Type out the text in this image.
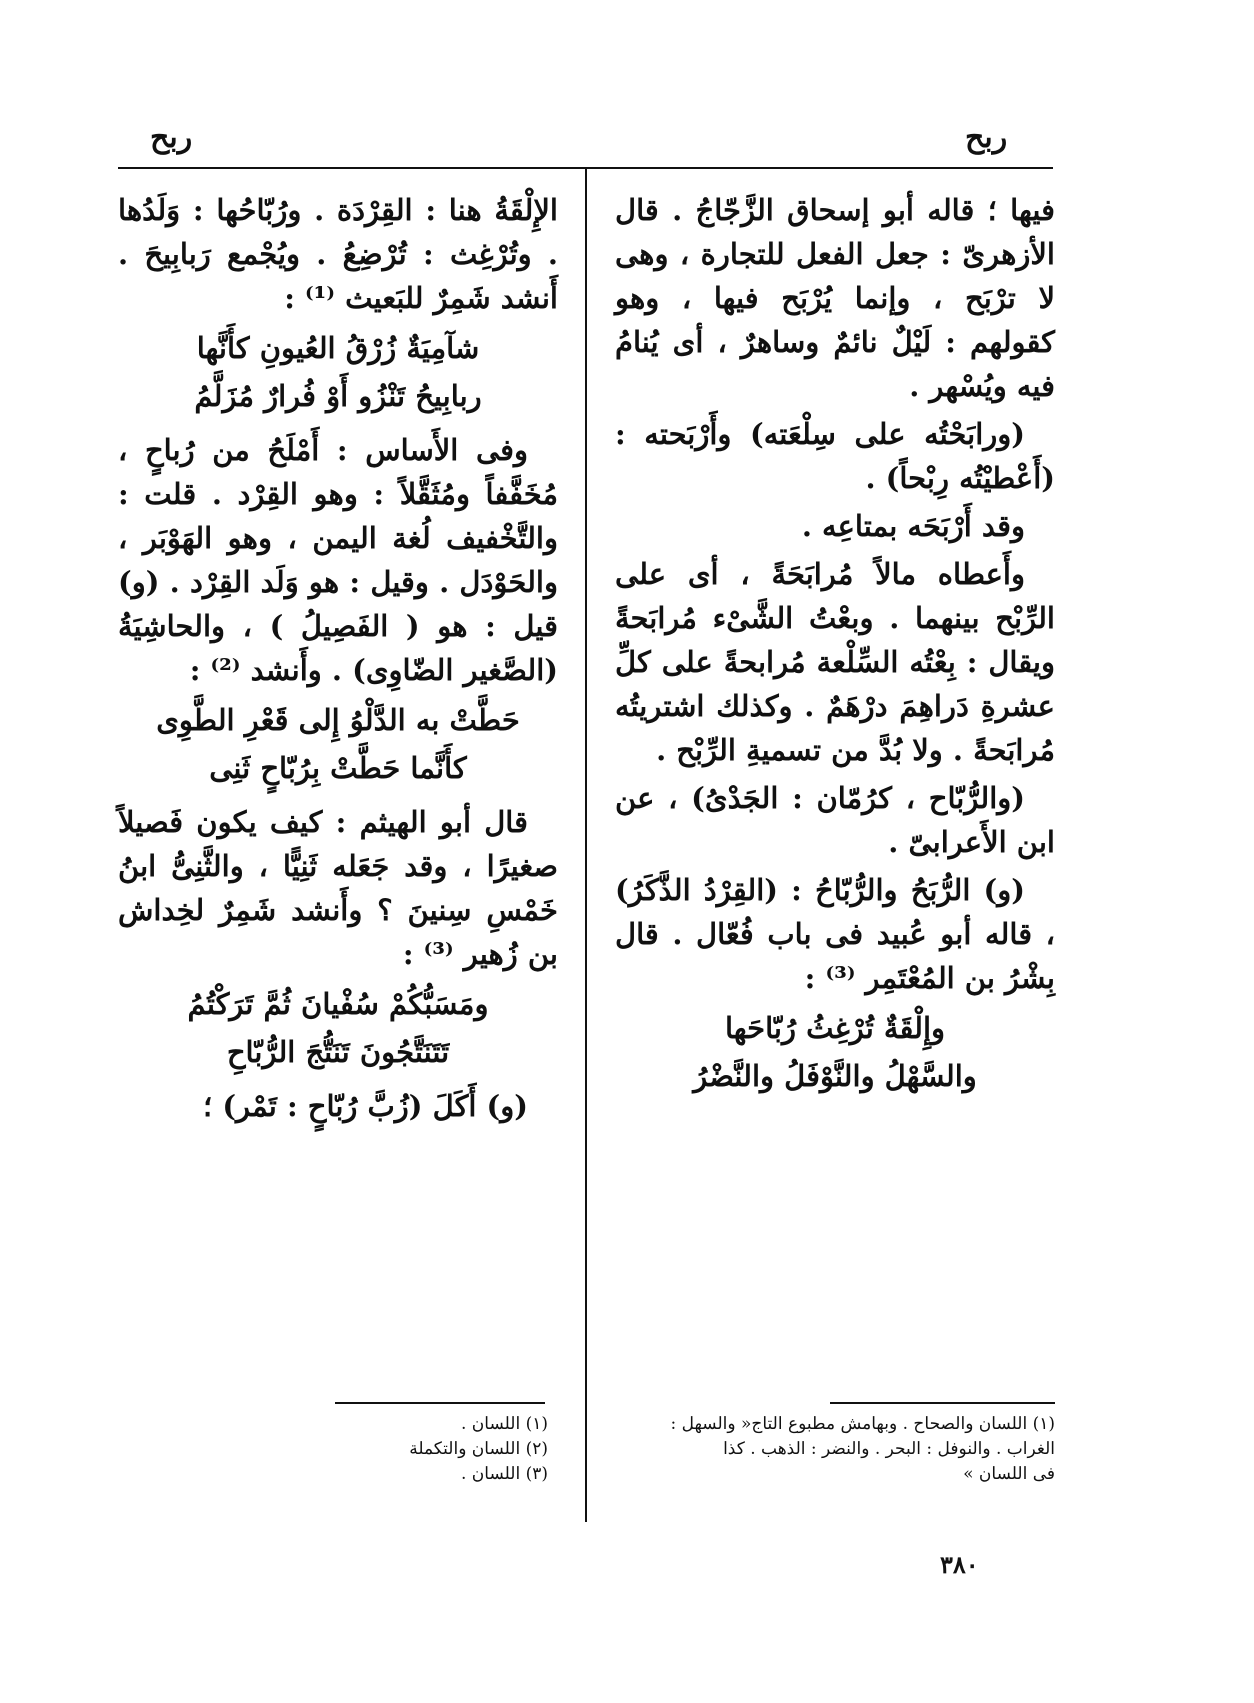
ربح
ربح

فيها ؛ قاله أبو إسحاق الزَّجّاجُ . قال الأزهرىّ : جعل الفعل للتجارة ، وهى لا ترْبَح ، وإنما يُرْبَح فيها ، وهو كقولهم : لَيْلٌ نائمٌ وساهرٌ ، أى يُنامُ فيه ويُسْهر .

(ورابَحْتُه على سِلْعَته) وأَرْبَحته : (أَعْطيْتُه رِبْحاً) .

وقد أَرْبَحَه بمتاعِه .

وأَعطاه مالاً مُرابَحَةً ، أى على الرِّبْح بينهما . وبعْتُ الشَّىْء مُرابَحةً ويقال : بِعْتُه السِّلْعة مُرابحةً على كلِّ عشرةِ دَراهِمَ درْهَمٌ . وكذلك اشتريتُه مُرابَحةً . ولا بُدَّ من تسميةِ الرِّبْح .

(والرُّبّاح ، كرُمّان : الجَدْىُ) ، عن ابن الأَعرابىّ .

(و) الرُّبَحُ والرُّبّاحُ : (القِرْدُ الذَّكَرُ) ، قاله أبو عُبيد فى باب فُعّال . قال بِشْرُ بن المُعْتَمِر ⁽³⁾ :

وإِلْقَةٌ تُرْغِثُ رُبّاحَها
والسَّهْلُ والنَّوْفَلُ والنَّضْرُ

الإِلْقَةُ هنا : القِرْدَة . ورُبّاحُها : وَلَدُها . وتُرْغِث : تُرْضِعُ . ويُجْمع رَبابِيحَ . أَنشد شَمِرٌ للبَعيث ⁽¹⁾ :

شآمِيَةٌ زُرْقُ العُيونِ كأَنَّها
ربابِيحُ تَنْزُو أَوْ فُرارٌ مُزَلَّمُ

وفى الأَساس : أَمْلَحُ من رُباحٍ ، مُخَفَّفاً ومُثَقَّلاً : وهو القِرْد . قلت : والتَّخْفيف لُغة اليمن ، وهو الهَوْبَر ، والحَوْدَل . وقيل : هو وَلَد القِرْد . (و) قيل : هو ( الفَصِيلُ ) ، والحاشِيَةُ (الصَّغير الضّاوِى) . وأَنشد ⁽²⁾ :

حَطَّتْ به الدَّلْوُ إِلى قَعْرِ الطَّوِى
كأَنَّما حَطَّتْ بِرُبّاحٍ ثَنِى

قال أبو الهيثم : كيف يكون فَصيلاً صغيرًا ، وقد جَعَله ثَنِيًّا ، والثَّنِىُّ ابنُ خَمْسِ سِنينَ ؟ وأَنشد شَمِرٌ لخِداش بن زُهير ⁽³⁾ :

ومَسَبُّكُمْ سُفْيانَ ثُمَّ تَرَكْتُمُ
تَتَنَتَّجُونَ تَنَتُّجَ الرُّبّاحِ

(و) أَكَلَ (زُبَّ رُبّاحٍ : تَمْر) ؛

(١) اللسان والصحاح . وبهامش مطبوع التاج« والسهل :
الغراب . والنوفل : البحر . والنضر : الذهب . كذا
فى اللسان »
(١) اللسان .
(٢) اللسان والتكملة
(٣) اللسان .
٣٨٠
